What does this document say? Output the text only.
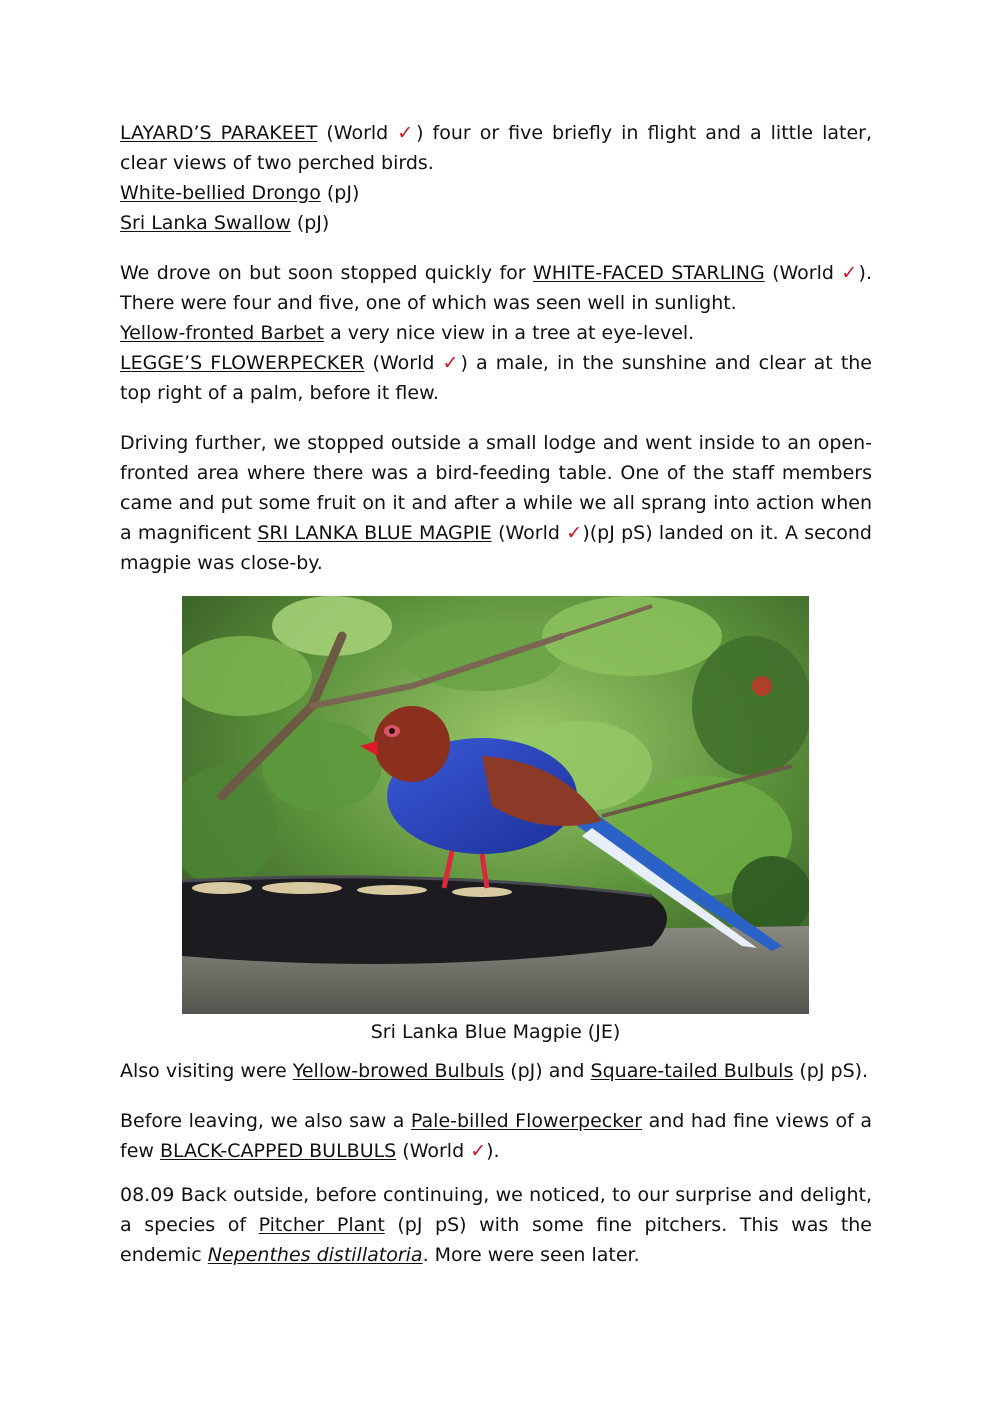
LAYARD’S PARAKEET (World ✓) four or five briefly in flight and a little later, clear views of two perched birds.

White-bellied Drongo (pJ)

Sri Lanka Swallow (pJ)

We drove on but soon stopped quickly for WHITE-FACED STARLING (World ✓). There were four and five, one of which was seen well in sunlight.

Yellow-fronted Barbet a very nice view in a tree at eye-level.

LEGGE’S FLOWERPECKER (World ✓) a male, in the sunshine and clear at the top right of a palm, before it flew.

Driving further, we stopped outside a small lodge and went inside to an open-fronted area where there was a bird-feeding table. One of the staff members came and put some fruit on it and after a while we all sprang into action when a magnificent SRI LANKA BLUE MAGPIE (World ✓)(pJ pS) landed on it. A second magpie was close-by.

Sri Lanka Blue Magpie (JE)

Also visiting were Yellow-browed Bulbuls (pJ) and Square-tailed Bulbuls (pJ pS).

Before leaving, we also saw a Pale-billed Flowerpecker and had fine views of a few BLACK-CAPPED BULBULS (World ✓).

08.09 Back outside, before continuing, we noticed, to our surprise and delight, a species of Pitcher Plant (pJ pS) with some fine pitchers. This was the endemic Nepenthes distillatoria. More were seen later.
